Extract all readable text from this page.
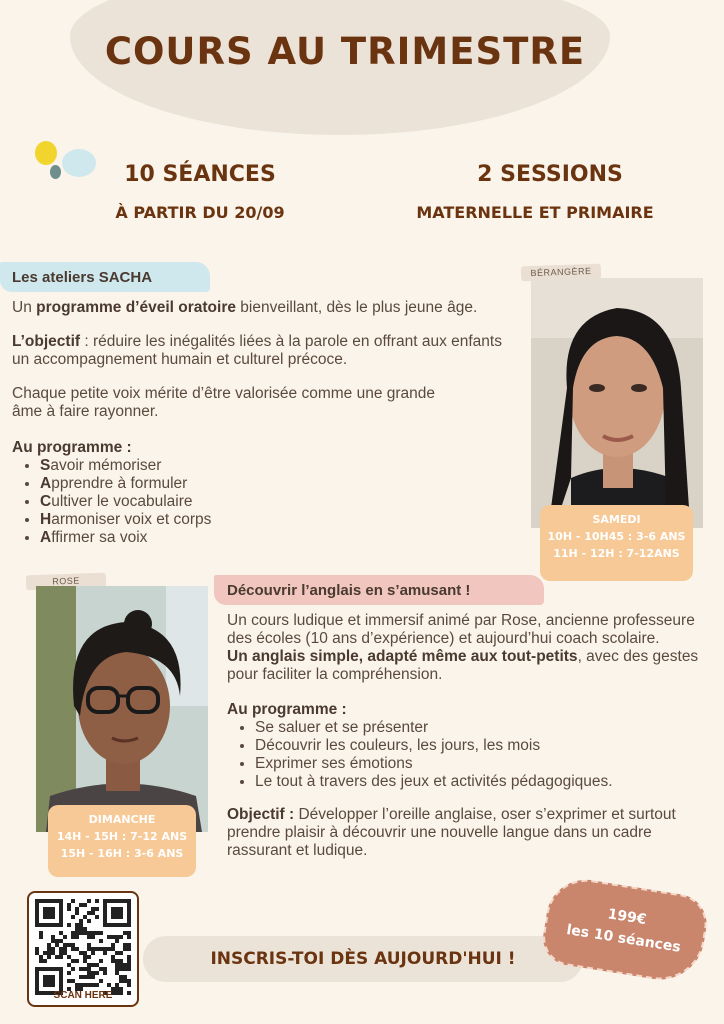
COURS AU TRIMESTRE
10 SÉANCES
À PARTIR DU 20/09
2 SESSIONS
MATERNELLE ET PRIMAIRE
Les ateliers SACHA

Un programme d’éveil oratoire bienveillant, dès le plus jeune âge.

L’objectif : réduire les inégalités liées à la parole en offrant aux enfants un accompagnement humain et culturel précoce.

Chaque petite voix mérite d’être valorisée comme une grande âme à faire rayonner.

Au programme :

• Savoir mémoriser
• Apprendre à formuler
• Cultiver le vocabulaire
• Harmoniser voix et corps
• Affirmer sa voix
BÉRANGÈRE
SAMEDI
10H - 10H45 : 3-6 ANS
11H - 12H : 7-12ANS
ROSE
DIMANCHE
14H - 15H : 7-12 ANS
15H - 16H : 3-6 ANS
Découvrir l’anglais en s’amusant !

Un cours ludique et immersif animé par Rose, ancienne professeure des écoles (10 ans d’expérience) et aujourd’hui coach scolaire.

Un anglais simple, adapté même aux tout-petits, avec des gestes pour faciliter la compréhension.

Au programme :

• Se saluer et se présenter
• Découvrir les couleurs, les jours, les mois
• Exprimer ses émotions
• Le tout à travers des jeux et activités pédagogiques.

Objectif : Développer l’oreille anglaise, oser s’exprimer et surtout prendre plaisir à découvrir une nouvelle langue dans un cadre rassurant et ludique.

SCAN HERE
INSCRIS-TOI DÈS AUJOURD'HUI !
199€
les 10 séances
